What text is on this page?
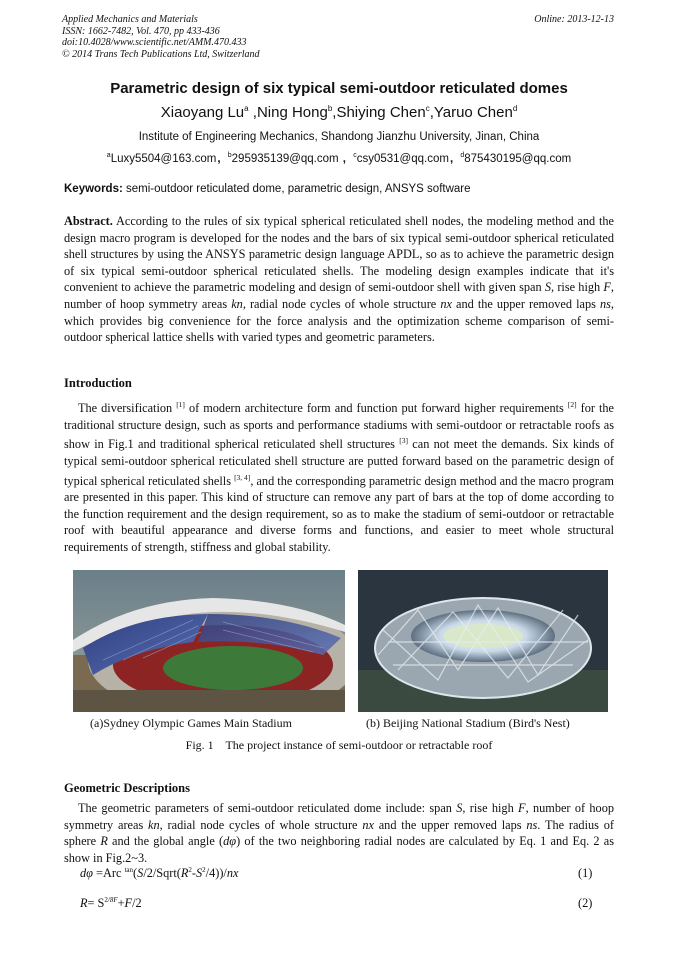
Applied Mechanics and Materials
ISSN: 1662-7482, Vol. 470, pp 433-436
doi:10.4028/www.scientific.net/AMM.470.433
© 2014 Trans Tech Publications Ltd, Switzerland
Online: 2013-12-13
Parametric design of six typical semi-outdoor reticulated domes
Xiaoyang Lu$^a$ ,Ning Hong$^b$,Shiying Chen$^c$,Yaruo Chen$^d$
Institute of Engineering Mechanics, Shandong Jianzhu University, Jinan, China
$^a$Luxy5504@163.com, $^b$295935139@qq.com , $^c$csy0531@qq.com, $^d$875430195@qq.com
Keywords: semi-outdoor reticulated dome, parametric design, ANSYS software
Abstract. According to the rules of six typical spherical reticulated shell nodes, the modeling method and the design macro program is developed for the nodes and the bars of six typical semi-outdoor spherical reticulated shell structures by using the ANSYS parametric design language APDL, so as to achieve the parametric design of six typical semi-outdoor spherical reticulated shells. The modeling design examples indicate that it's convenient to achieve the parametric modeling and design of semi-outdoor shell with given span S, rise high F, number of hoop symmetry areas kn, radial node cycles of whole structure nx and the upper removed laps ns, which provides big convenience for the force analysis and the optimization scheme comparison of semi-outdoor spherical lattice shells with varied types and geometric parameters.
Introduction
The diversification [1] of modern architecture form and function put forward higher requirements [2] for the traditional structure design, such as sports and performance stadiums with semi-outdoor or retractable roofs as show in Fig.1 and traditional spherical reticulated shell structures [3] can not meet the demands. Six kinds of typical semi-outdoor spherical reticulated shell structure are putted forward based on the parametric design of typical spherical reticulated shells [3, 4], and the corresponding parametric design method and the macro program are presented in this paper. This kind of structure can remove any part of bars at the top of dome according to the function requirement and the design requirement, so as to make the stadium of semi-outdoor or retractable roof with beautiful appearance and diverse forms and functions, and easier to meet whole structural requirements of strength, stiffness and global stability.
(a)Sydney Olympic Games Main Stadium	(b) Beijing National Stadium (Bird's Nest)
Fig. 1    The project instance of semi-outdoor or retractable roof
Geometric Descriptions
The geometric parameters of semi-outdoor reticulated dome include: span S, rise high F, number of hoop symmetry areas kn, radial node cycles of whole structure nx and the upper removed laps ns. The radius of sphere R and the global angle (dφ) of the two neighboring radial nodes are calculated by Eq. 1 and Eq. 2 as show in Fig.2~3.
dφ =Arc $^{tan}(S/2/Sqrt(R^2-S^2/4))/nx$	(1)
$R= S^{2/8F}+F/2$	(2)
